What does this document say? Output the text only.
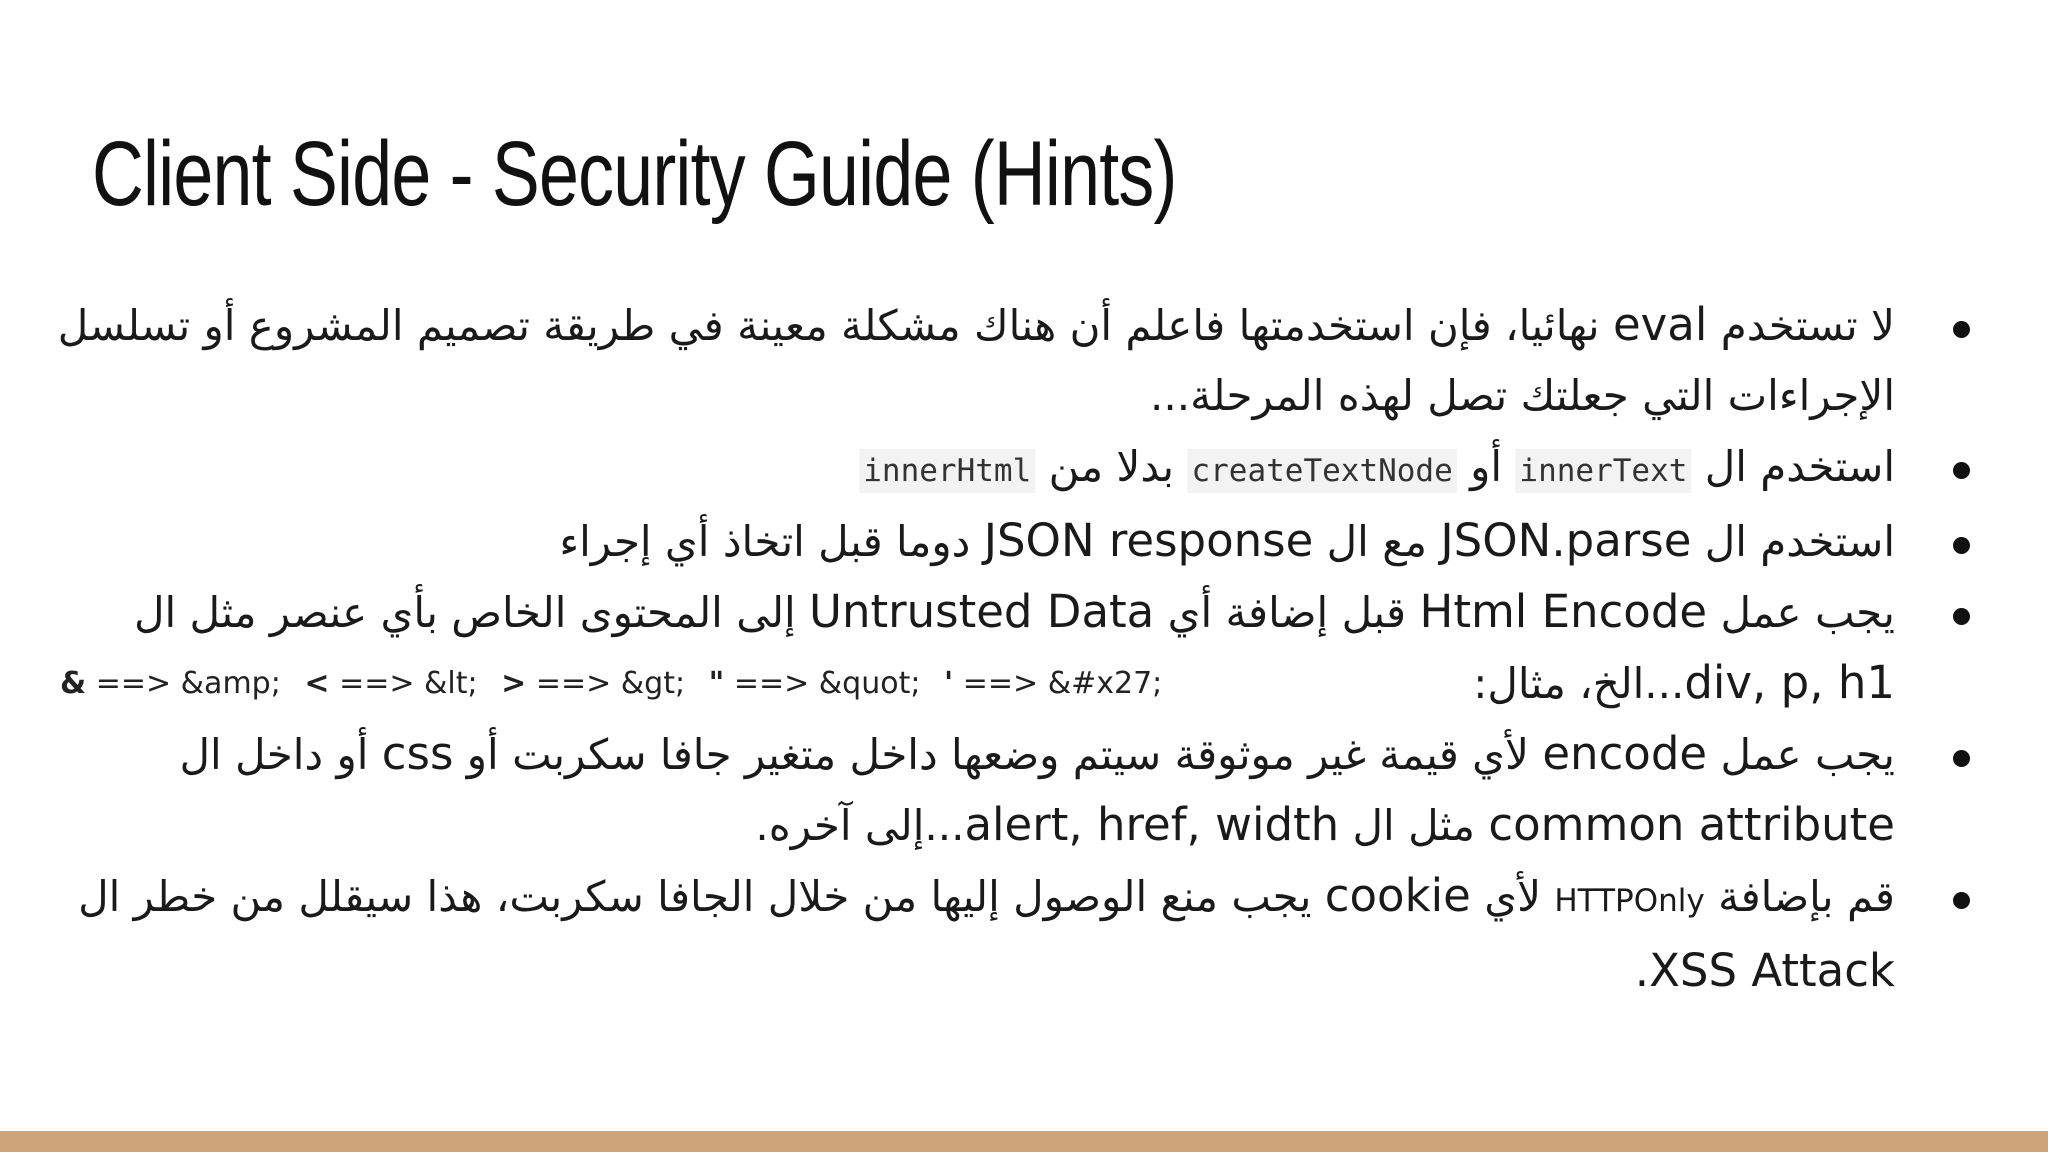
Client Side - Security Guide (Hints)
لا تستخدم eval نهائيا، فإن استخدمتها فاعلم أن هناك مشكلة معينة في طريقة تصميم المشروع أو تسلسل
الإجراءات التي جعلتك تصل لهذه المرحلة...
استخدم ال innerText أو createTextNode بدلا من innerHtml
استخدم ال JSON.parse مع ال JSON response دوما قبل اتخاذ أي إجراء
يجب عمل Html Encode قبل إضافة أي Untrusted Data إلى المحتوى الخاص بأي عنصر مثل ال
div, p, h1...الخ، مثال:
يجب عمل encode لأي قيمة غير موثوقة سيتم وضعها داخل متغير جافا سكربت أو css أو داخل ال
common attribute مثل ال alert, href, width...إلى آخره.
قم بإضافة HTTPOnly لأي cookie يجب منع الوصول إليها من خلال الجافا سكربت، هذا سيقلل من خطر ال
XSS Attack.
& ==> &amp; < ==> &lt; > ==> &gt; " ==> &quot; ' ==> &#x27;
